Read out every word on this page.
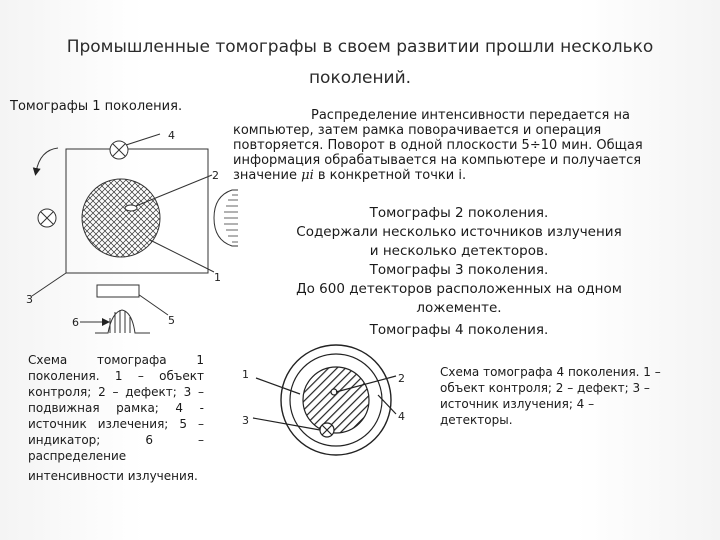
Промышленные томографы в своем развитии прошли несколько
поколений.
Томографы 1 поколения.
Распределение интенсивности передается на
компьютер, затем рамка поворачивается и операция
повторяется. Поворот в одной плоскости 5÷10 мин. Общая
информация обрабатывается на компьютере и получается
значение μi в конкретной точки i.
Томографы 2 поколения.
Содержали несколько источников излучения
и несколько детекторов.
Томографы 3 поколения.
До 600 детекторов расположенных на одном
ложементе.
Томографы 4 поколения.
4
2
1
3
5
6
1	2
3	4
Схема томографа 1 поколения. 1 – объект контроля; 2 – дефект; 3 – подвижная рамка; 4 - источник излечения; 5 – индикатор; 6 – распределение
интенсивности излучения.
Схема томографа 4 поколения. 1 – объект контроля; 2 – дефект; 3 – источник излучения; 4 – детекторы.
